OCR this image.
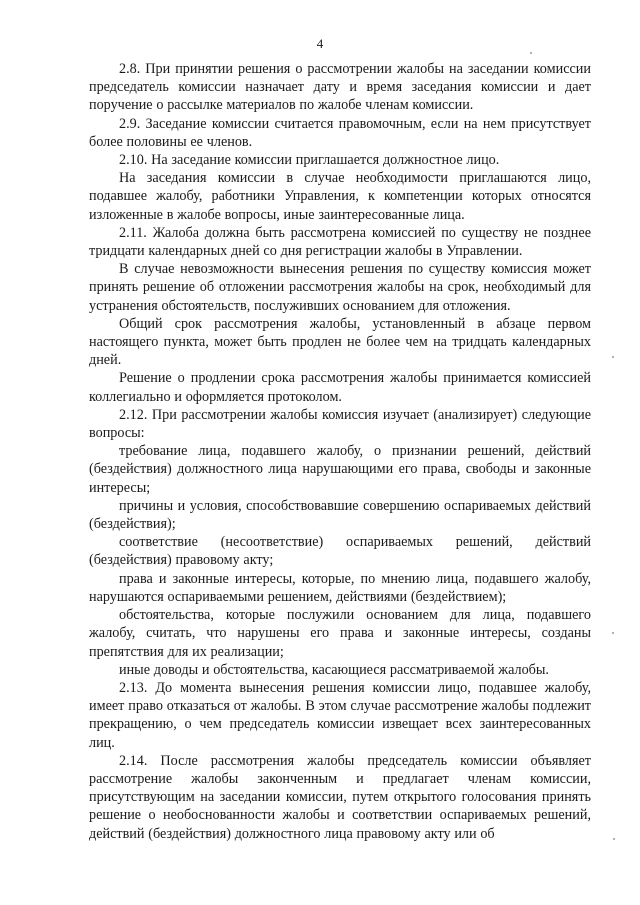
4

2.8. При принятии решения о рассмотрении жалобы на заседании комиссии председатель комиссии назначает дату и время заседания комиссии и дает поручение о рассылке материалов по жалобе членам комиссии.

2.9. Заседание комиссии считается правомочным, если на нем присутствует более половины ее членов.

2.10. На заседание комиссии приглашается должностное лицо.

На заседания комиссии в случае необходимости приглашаются лицо, подавшее жалобу, работники Управления, к компетенции которых относятся изложенные в жалобе вопросы, иные заинтересованные лица.

2.11. Жалоба должна быть рассмотрена комиссией по существу не позднее тридцати календарных дней со дня регистрации жалобы в Управлении.

В случае невозможности вынесения решения по существу комиссия может принять решение об отложении рассмотрения жалобы на срок, необходимый для устранения обстоятельств, послуживших основанием для отложения.

Общий срок рассмотрения жалобы, установленный в абзаце первом настоящего пункта, может быть продлен не более чем на тридцать календарных дней.

Решение о продлении срока рассмотрения жалобы принимается комиссией коллегиально и оформляется протоколом.

2.12. При рассмотрении жалобы комиссия изучает (анализирует) следующие вопросы:

требование лица, подавшего жалобу, о признании решений, действий (бездействия) должностного лица нарушающими его права, свободы и законные интересы;

причины и условия, способствовавшие совершению оспариваемых действий (бездействия);

соответствие (несоответствие) оспариваемых решений, действий (бездействия) правовому акту;

права и законные интересы, которые, по мнению лица, подавшего жалобу, нарушаются оспариваемыми решением, действиями (бездействием);

обстоятельства, которые послужили основанием для лица, подавшего жалобу, считать, что нарушены его права и законные интересы, созданы препятствия для их реализации;

иные доводы и обстоятельства, касающиеся рассматриваемой жалобы.

2.13. До момента вынесения решения комиссии лицо, подавшее жалобу, имеет право отказаться от жалобы. В этом случае рассмотрение жалобы подлежит прекращению, о чем председатель комиссии извещает всех заинтересованных лиц.

2.14. После рассмотрения жалобы председатель комиссии объявляет рассмотрение жалобы законченным и предлагает членам комиссии, присутствующим на заседании комиссии, путем открытого голосования принять решение о необоснованности жалобы и соответствии оспариваемых решений, действий (бездействия) должностного лица правовому акту или об
